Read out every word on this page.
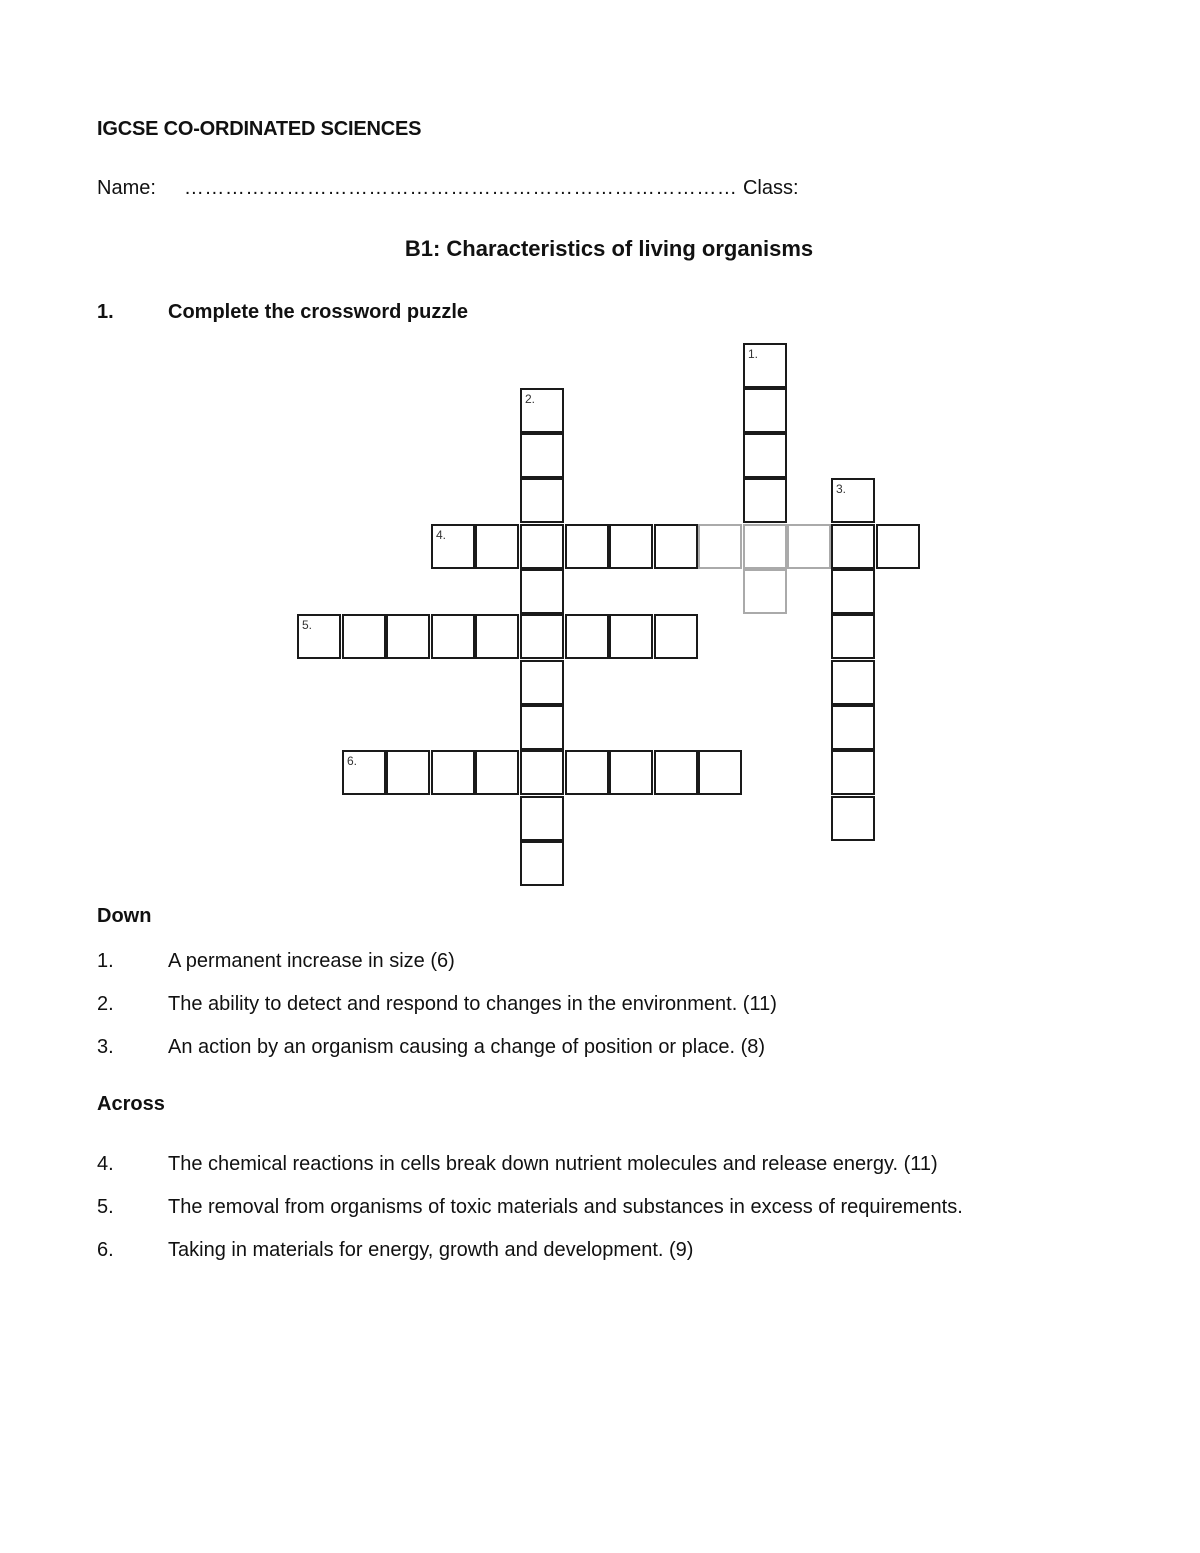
IGCSE CO-ORDINATED SCIENCES
Name: ……………………………………………………………………… Class:
B1: Characteristics of living organisms
1.	Complete the crossword puzzle
1.
2.
3.
4.
5.
6.
Down
1.	A permanent increase in size (6)
2.	The ability to detect and respond to changes in the environment. (11)
3.	An action by an organism causing a change of position or place. (8)
Across
4.	The chemical reactions in cells break down nutrient molecules and release energy. (11)
5.	The removal from organisms of toxic materials and substances in excess of requirements.
6.	Taking in materials for energy, growth and development. (9)
